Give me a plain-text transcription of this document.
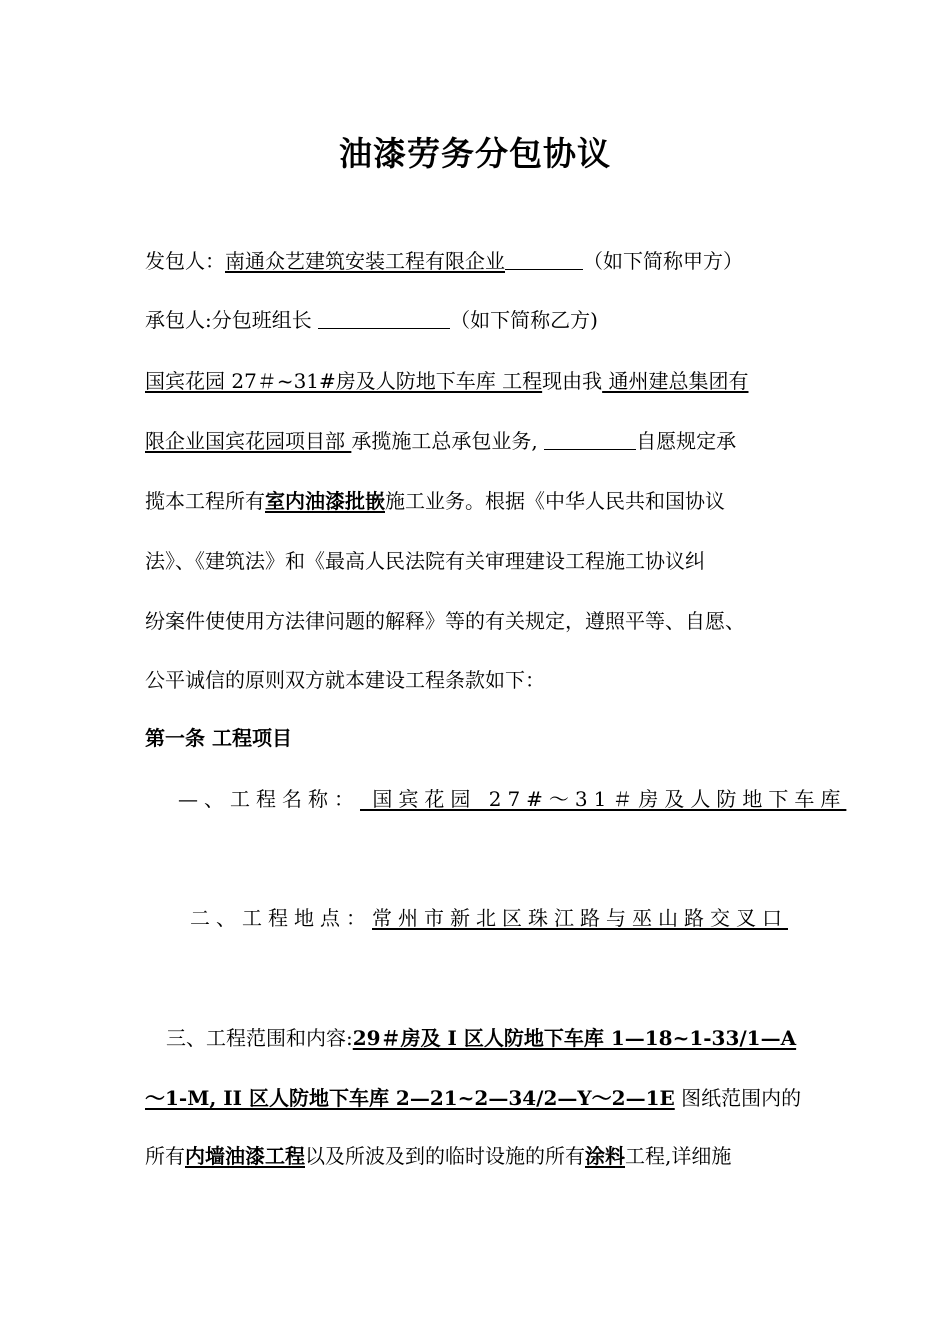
油漆劳务分包协议
发包人：南通众艺建筑安装工程有限企业	（如下简称甲方）
承包人:分包班组长	（如下简称乙方)
国宾花园 27＃~31#房及人防地下车库 工程现由我 通州建总集团有
限企业国宾花园项目部 承揽施工总承包业务,	自愿规定承
揽本工程所有室内油漆批嵌施工业务。根据《中华人民共和国协议
法》、《建筑法》和《最高人民法院有关审理建设工程施工协议纠
纷案件使使用方法律问题的解释》等的有关规定，遵照平等、自愿、
公平诚信的原则双方就本建设工程条款如下：
第一条 工程项目
—、工程名称： 国宾花园 27#～31＃房及人防地下车库
二、工程地点：常州市新北区珠江路与巫山路交叉口
三、工程范围和内容:29＃房及 I 区人防地下车库 1—18~1-33/1—A
～1-M, II 区人防地下车库 2—21~2—34/2—Y～2—1E 图纸范围内的
所有内墙油漆工程以及所波及到的临时设施的所有涂料工程,详细施
